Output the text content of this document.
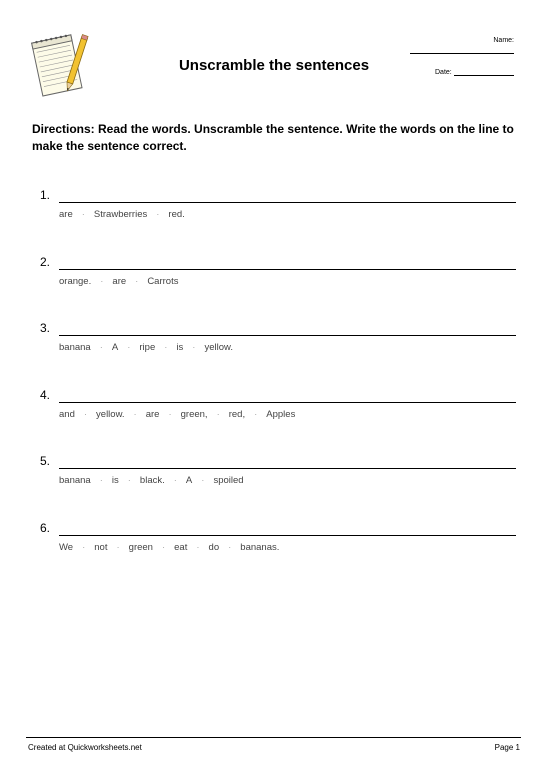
Unscramble the sentences
Name:
Date:
Directions: Read the words. Unscramble the sentence. Write the words on the line to make the sentence correct.
1.
are · Strawberries · red.
2.
orange. · are · Carrots
3.
banana · A · ripe · is · yellow.
4.
and · yellow. · are · green, · red, · Apples
5.
banana · is · black. · A · spoiled
6.
We · not · green · eat · do · bananas.
Created at Quickworksheets.net	Page 1
